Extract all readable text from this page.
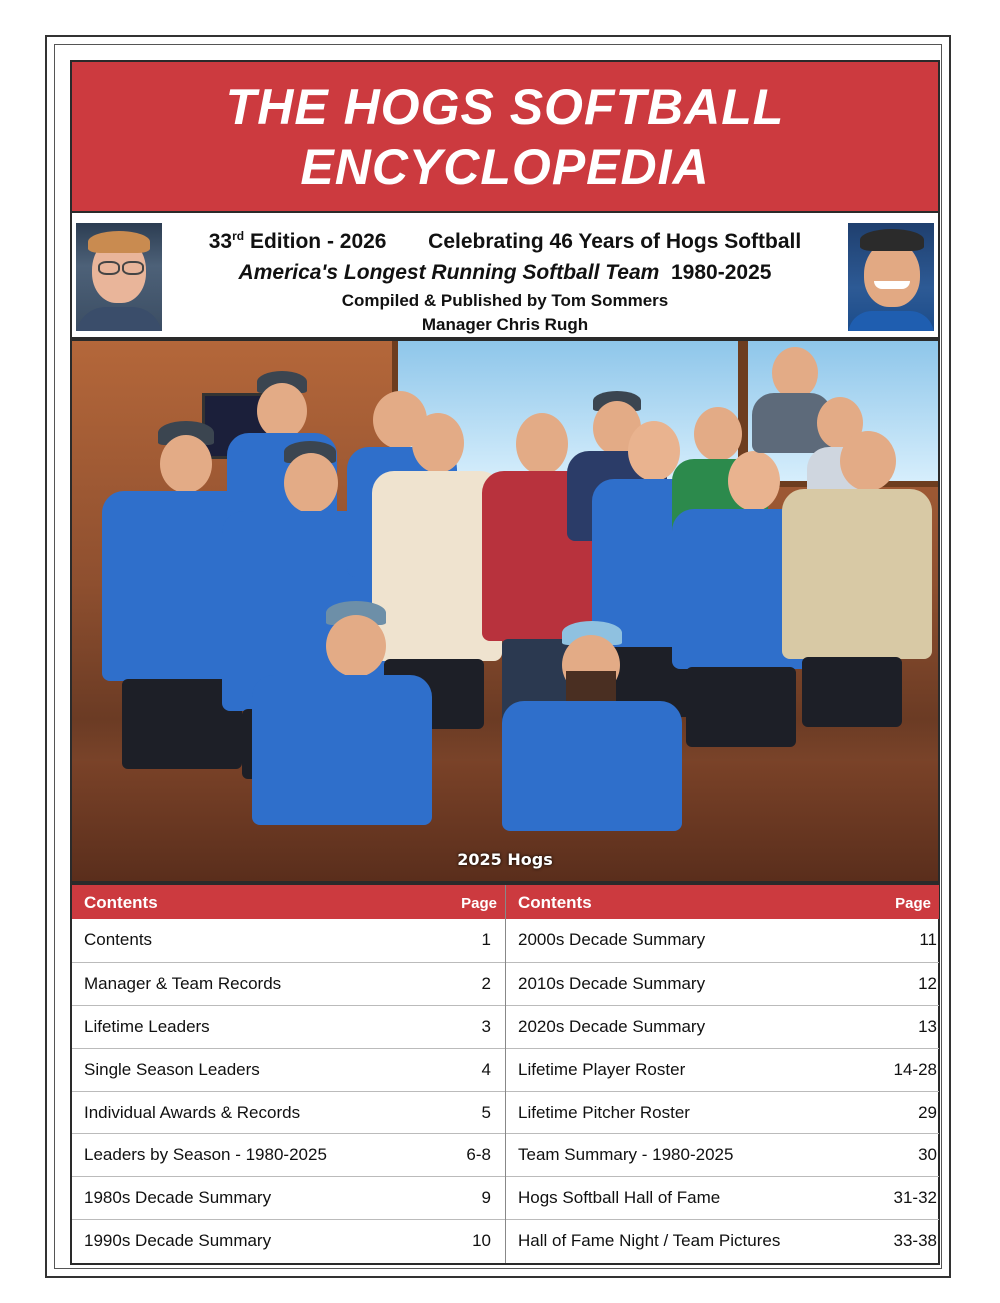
THE HOGS SOFTBALL
ENCYCLOPEDIA
33rd Edition - 2026 Celebrating 46 Years of Hogs Softball
America's Longest Running Softball Team 1980-2025
Compiled & Published by Tom Sommers
Manager Chris Rugh
2025 Hogs
Contents	Page
Contents	1
Manager & Team Records	2
Lifetime Leaders	3
Single Season Leaders	4
Individual Awards & Records	5
Leaders by Season - 1980-2025	6-8
1980s Decade Summary	9
1990s Decade Summary	10
Contents	Page
2000s Decade Summary	11
2010s Decade Summary	12
2020s Decade Summary	13
Lifetime Player Roster	14-28
Lifetime Pitcher Roster	29
Team Summary - 1980-2025	30
Hogs Softball Hall of Fame	31-32
Hall of Fame Night / Team Pictures	33-38
